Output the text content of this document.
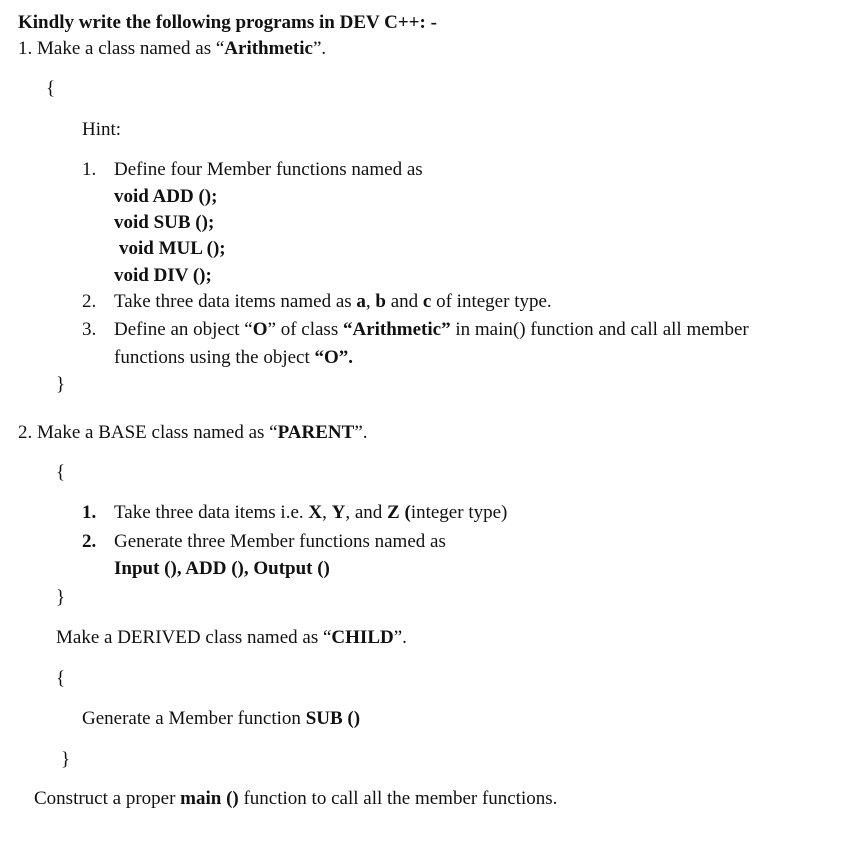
Kindly write the following programs in DEV C++: -
1. Make a class named as “Arithmetic”.
{
Hint:
1. Define four Member functions named as
void ADD ();
void SUB ();
void MUL ();
void DIV ();
2. Take three data items named as a, b and c of integer type.
3. Define an object “O” of class “Arithmetic” in main() function and call all member
functions using the object “O”.
}
2. Make a BASE class named as “PARENT”.
{
1. Take three data items i.e. X, Y, and Z (integer type)
2. Generate three Member functions named as
Input (), ADD (), Output ()
}
Make a DERIVED class named as “CHILD”.
{
Generate a Member function SUB ()
}
Construct a proper main () function to call all the member functions.
